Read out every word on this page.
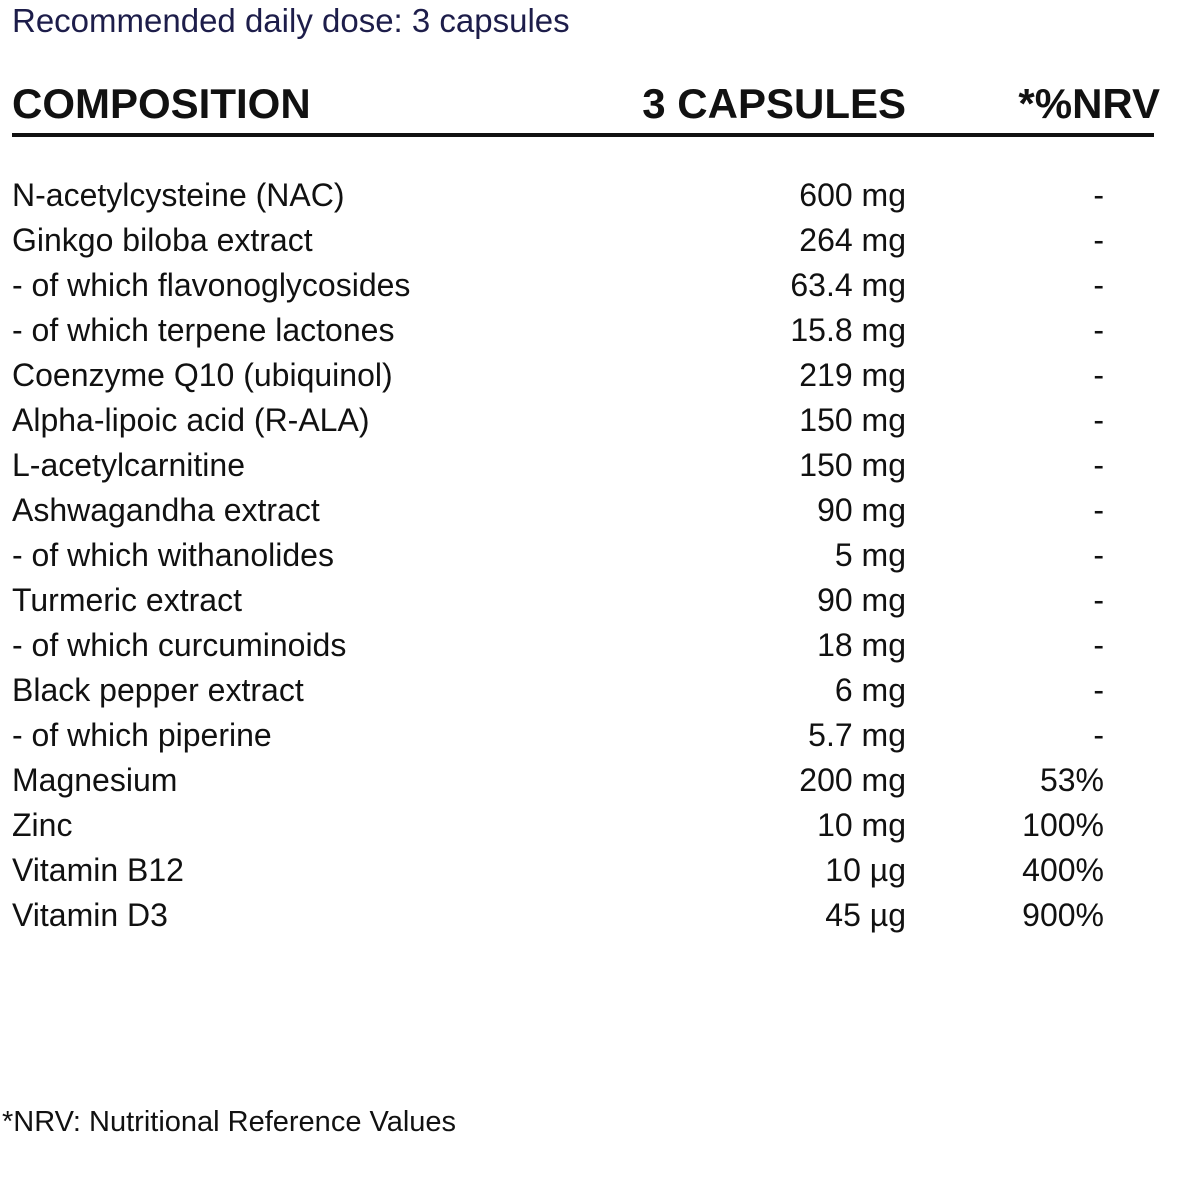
Recommended daily dose: 3 capsules
COMPOSITION	3 CAPSULES	*%NRV
N-acetylcysteine (NAC)	600 mg	-
Ginkgo biloba extract	264 mg	-
- of which flavonoglycosides	63.4 mg	-
- of which terpene lactones	15.8 mg	-
Coenzyme Q10 (ubiquinol)	219 mg	-
Alpha-lipoic acid (R-ALA)	150 mg	-
L-acetylcarnitine	150 mg	-
Ashwagandha extract	90 mg	-
- of which withanolides	5 mg	-
Turmeric extract	90 mg	-
- of which curcuminoids	18 mg	-
Black pepper extract	6 mg	-
- of which piperine	5.7 mg	-
Magnesium	200 mg	53%
Zinc	10 mg	100%
Vitamin B12	10 µg	400%
Vitamin D3	45 µg	900%
*NRV: Nutritional Reference Values
